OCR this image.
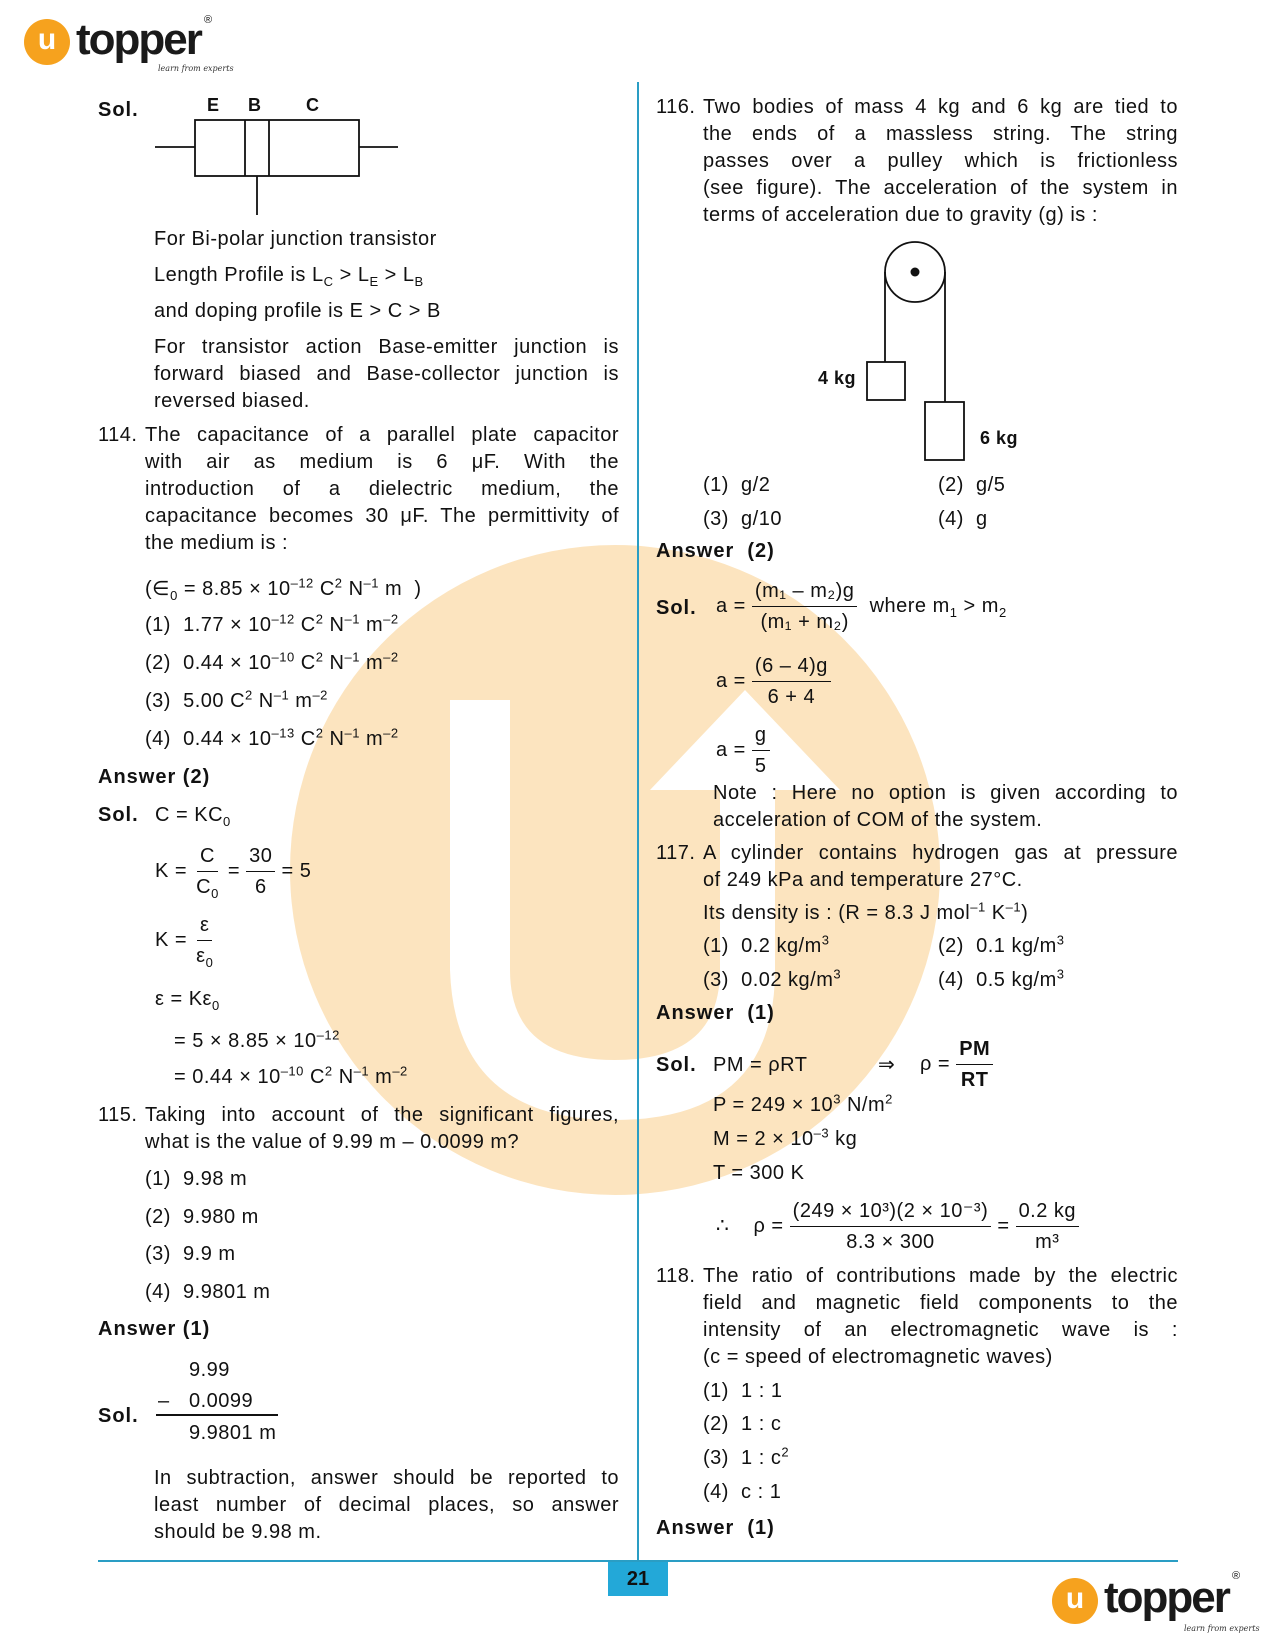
u topper ®
learn from experts
Sol.	E B C
For Bi-polar junction transistor
Length Profile is $L_C > L_E > L_B$
and doping profile is E > C > B
For transistor action Base-emitter junction is
forward biased and Base-collector junction is
reversed biased.
114. The capacitance of a parallel plate capacitor
with air as medium is 6 μF. With the
introduction of a dielectric medium, the
capacitance becomes 30 μF. The permittivity of
the medium is :
($\in_0 = 8.85 \times 10^{-12}$ $C^2$ $N^{-1}$ m )
(1) $1.77 \times 10^{-12}$ $C^2$ $N^{-1}$ $m^{-2}$
(2) $0.44 \times 10^{-10}$ $C^2$ $N^{-1}$ $m^{-2}$
(3) 5.00 $C^2$ $N^{-1}$ $m^{-2}$
(4) $0.44 \times 10^{-13}$ $C^2$ $N^{-1}$ $m^{-2}$
Answer (2)
Sol. $C = KC_0$
$K = \frac{C}{C_0} = \frac{30}{6} = 5$
$K = \frac{\varepsilon}{\varepsilon_0}$
$\varepsilon = K\varepsilon_0$
= $5 \times 8.85 \times 10^{-12}$
= $0.44 \times 10^{-10}$ $C^2$ $N^{-1}$ $m^{-2}$
115. Taking into account of the significant figures,
what is the value of 9.99 m – 0.0099 m?
(1)  9.98 m
(2)  9.980 m
(3)  9.9 m
(4)  9.9801 m
Answer (1)
9.99
Sol.
– 0.0099
9.9801 m
In subtraction, answer should be reported to
least number of decimal places, so answer
should be 9.98 m.
116. Two bodies of mass 4 kg and 6 kg are tied to
the ends of a massless string. The string
passes over a pulley which is frictionless
(see figure). The acceleration of the system in
terms of acceleration due to gravity (g) is :
4 kg
6 kg
(1)  g/2	(2)  g/5
(3)  g/10	(4)  g
Answer  (2)
Sol. $a = \frac{\text{(m₁ – m₂)g}}{\text{(m₁ + m₂)}}$ where $m_1 > m_2$
$a = \frac{(6 - 4)g}{6 + 4}$
$a = \frac{g}{5}$
Note : Here no option is given according to
acceleration of COM of the system.
117. A cylinder contains hydrogen gas at pressure
of 249 kPa and temperature 27°C.
Its density is : (R = 8.3 J mol$^{-1}$ $K^{-1}$)
(1) 0.2 $kg/m^3$	(2) 0.1 $kg/m^3$
(3) 0.02 $kg/m^3$	(4) 0.5 $kg/m^3$
Answer  (1)
Sol. PM = ρRT	⇒ $\rho = \frac{PM}{RT}$
$P = 249 \times 10^3$ $N/m^2$
$M = 2 \times 10^{-3}$ kg
T = 300 K
∴ $\rho = \frac{\text{(249 × 10³)(2 × 10⁻³)}}{8.3 \times 300} = \frac{0.2 kg}{\text{m³}}$
118. The ratio of contributions made by the electric
field and magnetic field components to the
intensity of an electromagnetic wave is :
(c = speed of electromagnetic waves)
(1)  1 : 1
(2)  1 : c
(3)  1 : $c^2$
(4)  c : 1
Answer  (1)
21
u topper ®
learn from experts
